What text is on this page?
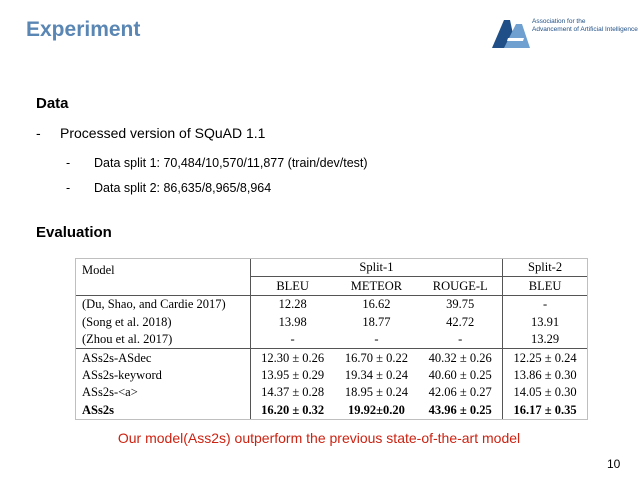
Experiment	Association for the
Advancement of Artificial Intelligence
Data
- Processed version of SQuAD 1.1
- Data split 1: 70,484/10,570/11,877 (train/dev/test)
- Data split 2: 86,635/8,965/8,964
Evaluation
Model	Split-1			Split-2
	BLEU	METEOR	ROUGE-L	BLEU
(Du, Shao, and Cardie 2017)	12.28	16.62	39.75	-
(Song et al. 2018)	13.98	18.77	42.72	13.91
(Zhou et al. 2017)	-	-	-	13.29
ASs2s-ASdec	12.30 ± 0.26	16.70 ± 0.22	40.32 ± 0.26	12.25 ± 0.24
ASs2s-keyword	13.95 ± 0.29	19.34 ± 0.24	40.60 ± 0.25	13.86 ± 0.30
ASs2s-<a>	14.37 ± 0.28	18.95 ± 0.24	42.06 ± 0.27	14.05 ± 0.30
ASs2s	16.20 ± 0.32	19.92±0.20	43.96 ± 0.25	16.17 ± 0.35
Our model(Ass2s) outperform the previous state-of-the-art model
10
